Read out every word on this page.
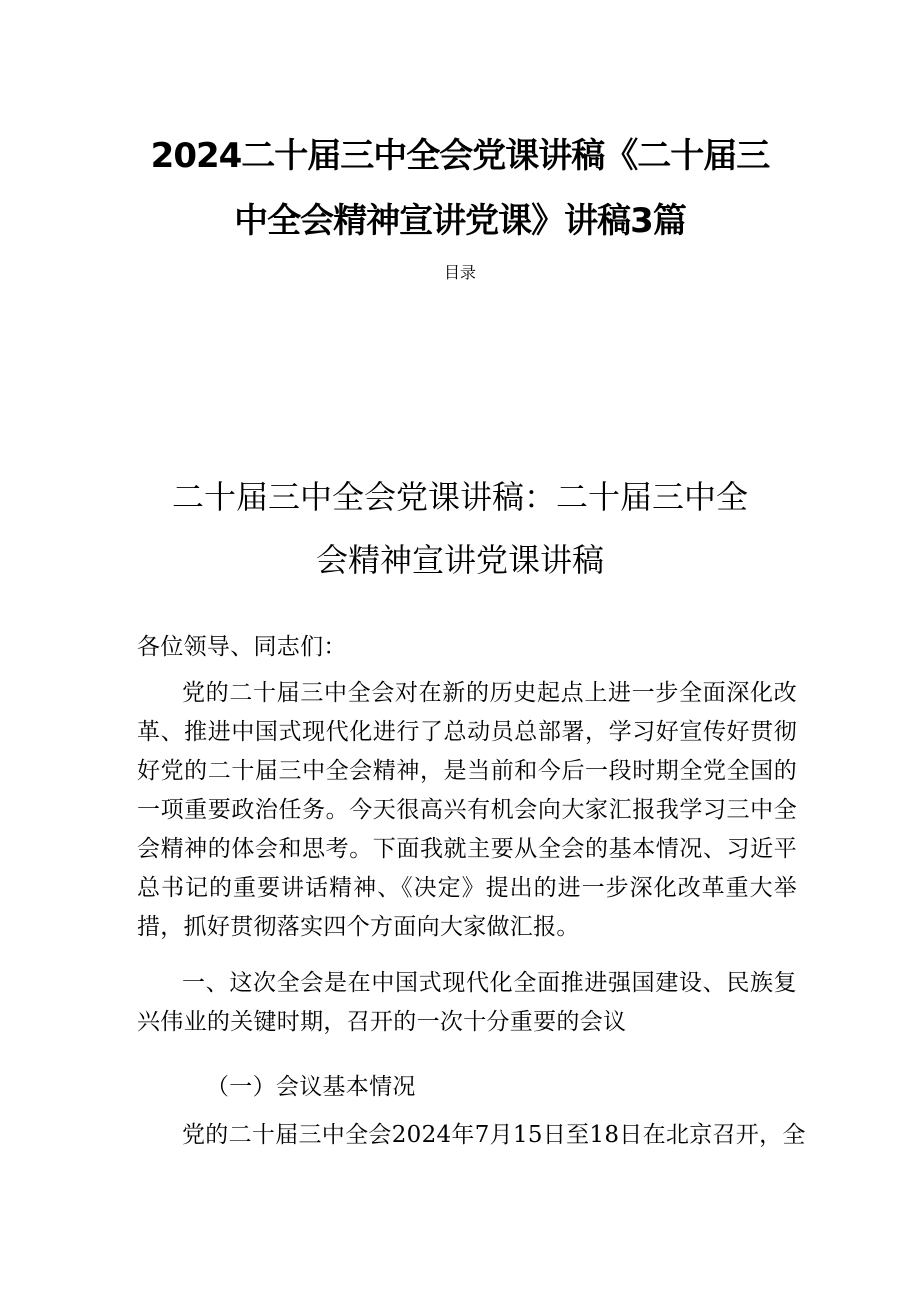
2024二十届三中全会党课讲稿《二十届三
中全会精神宣讲党课》讲稿3篇
目录
二十届三中全会党课讲稿：二十届三中全
会精神宣讲党课讲稿
各位领导、同志们：
党的二十届三中全会对在新的历史起点上进一步全面深化改
革、推进中国式现代化进行了总动员总部署，学习好宣传好贯彻
好党的二十届三中全会精神，是当前和今后一段时期全党全国的
一项重要政治任务。今天很高兴有机会向大家汇报我学习三中全
会精神的体会和思考。下面我就主要从全会的基本情况、习近平
总书记的重要讲话精神、《决定》提出的进一步深化改革重大举
措，抓好贯彻落实四个方面向大家做汇报。
一、这次全会是在中国式现代化全面推进强国建设、民族复
兴伟业的关键时期，召开的一次十分重要的会议
（一）会议基本情况
党的二十届三中全会2024年7月15日至18日在北京召开，全
